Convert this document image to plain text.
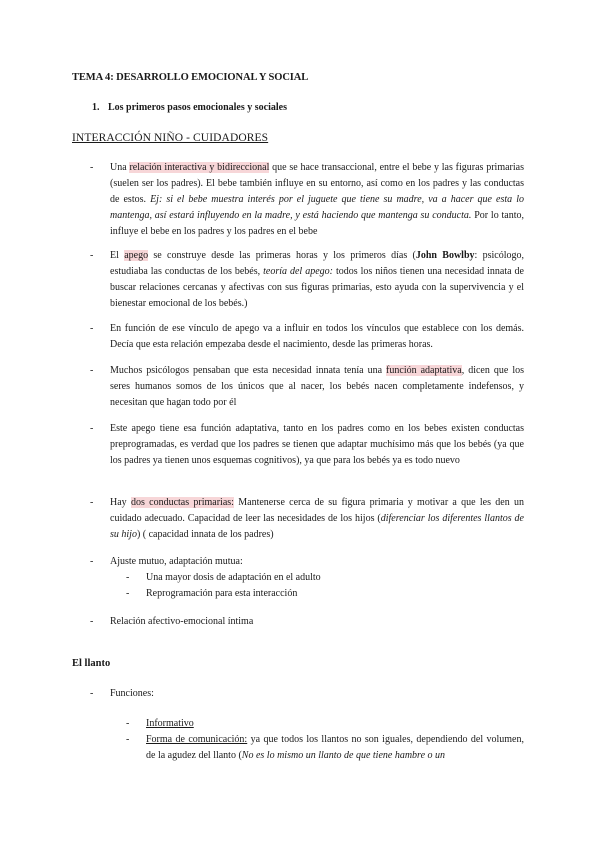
TEMA 4: DESARROLLO EMOCIONAL Y SOCIAL
1. Los primeros pasos emocionales y sociales
INTERACCIÓN NIÑO - CUIDADORES
- Una relación interactiva y bidireccional que se hace transaccional, entre el bebe y las figuras primarias (suelen ser los padres). El bebe también influye en su entorno, así como en los padres y las conductas de estos. Ej: si el bebe muestra interés por el juguete que tiene su madre, va a hacer que esta lo mantenga, así estará influyendo en la madre, y está haciendo que mantenga su conducta. Por lo tanto, influye el bebe en los padres y los padres en el bebe
- El apego se construye desde las primeras horas y los primeros días (John Bowlby: psicólogo, estudiaba las conductas de los bebés, teoría del apego: todos los niños tienen una necesidad innata de buscar relaciones cercanas y afectivas con sus figuras primarias, esto ayuda con la supervivencia y el bienestar emocional de los bebés.)
- En función de ese vínculo de apego va a influir en todos los vínculos que establece con los demás. Decía que esta relación empezaba desde el nacimiento, desde las primeras horas.
- Muchos psicólogos pensaban que esta necesidad innata tenía una función adaptativa, dicen que los seres humanos somos de los únicos que al nacer, los bebés nacen completamente indefensos, y necesitan que hagan todo por él
- Este apego tiene esa función adaptativa, tanto en los padres como en los bebes existen conductas preprogramadas, es verdad que los padres se tienen que adaptar muchísimo más que los bebés (ya que los padres ya tienen unos esquemas cognitivos), ya que para los bebés ya es todo nuevo
- Hay dos conductas primarias: Mantenerse cerca de su figura primaria y motivar a que les den un cuidado adecuado. Capacidad de leer las necesidades de los hijos (diferenciar los diferentes llantos de su hijo) ( capacidad innata de los padres)
- Ajuste mutuo, adaptación mutua:
- Una mayor dosis de adaptación en el adulto
- Reprogramación para esta interacción
- Relación afectivo-emocional íntima
El llanto
- Funciones:
- Informativo
- Forma de comunicación: ya que todos los llantos no son iguales, dependiendo del volumen, de la agudez del llanto (No es lo mismo un llanto de que tiene hambre o un
